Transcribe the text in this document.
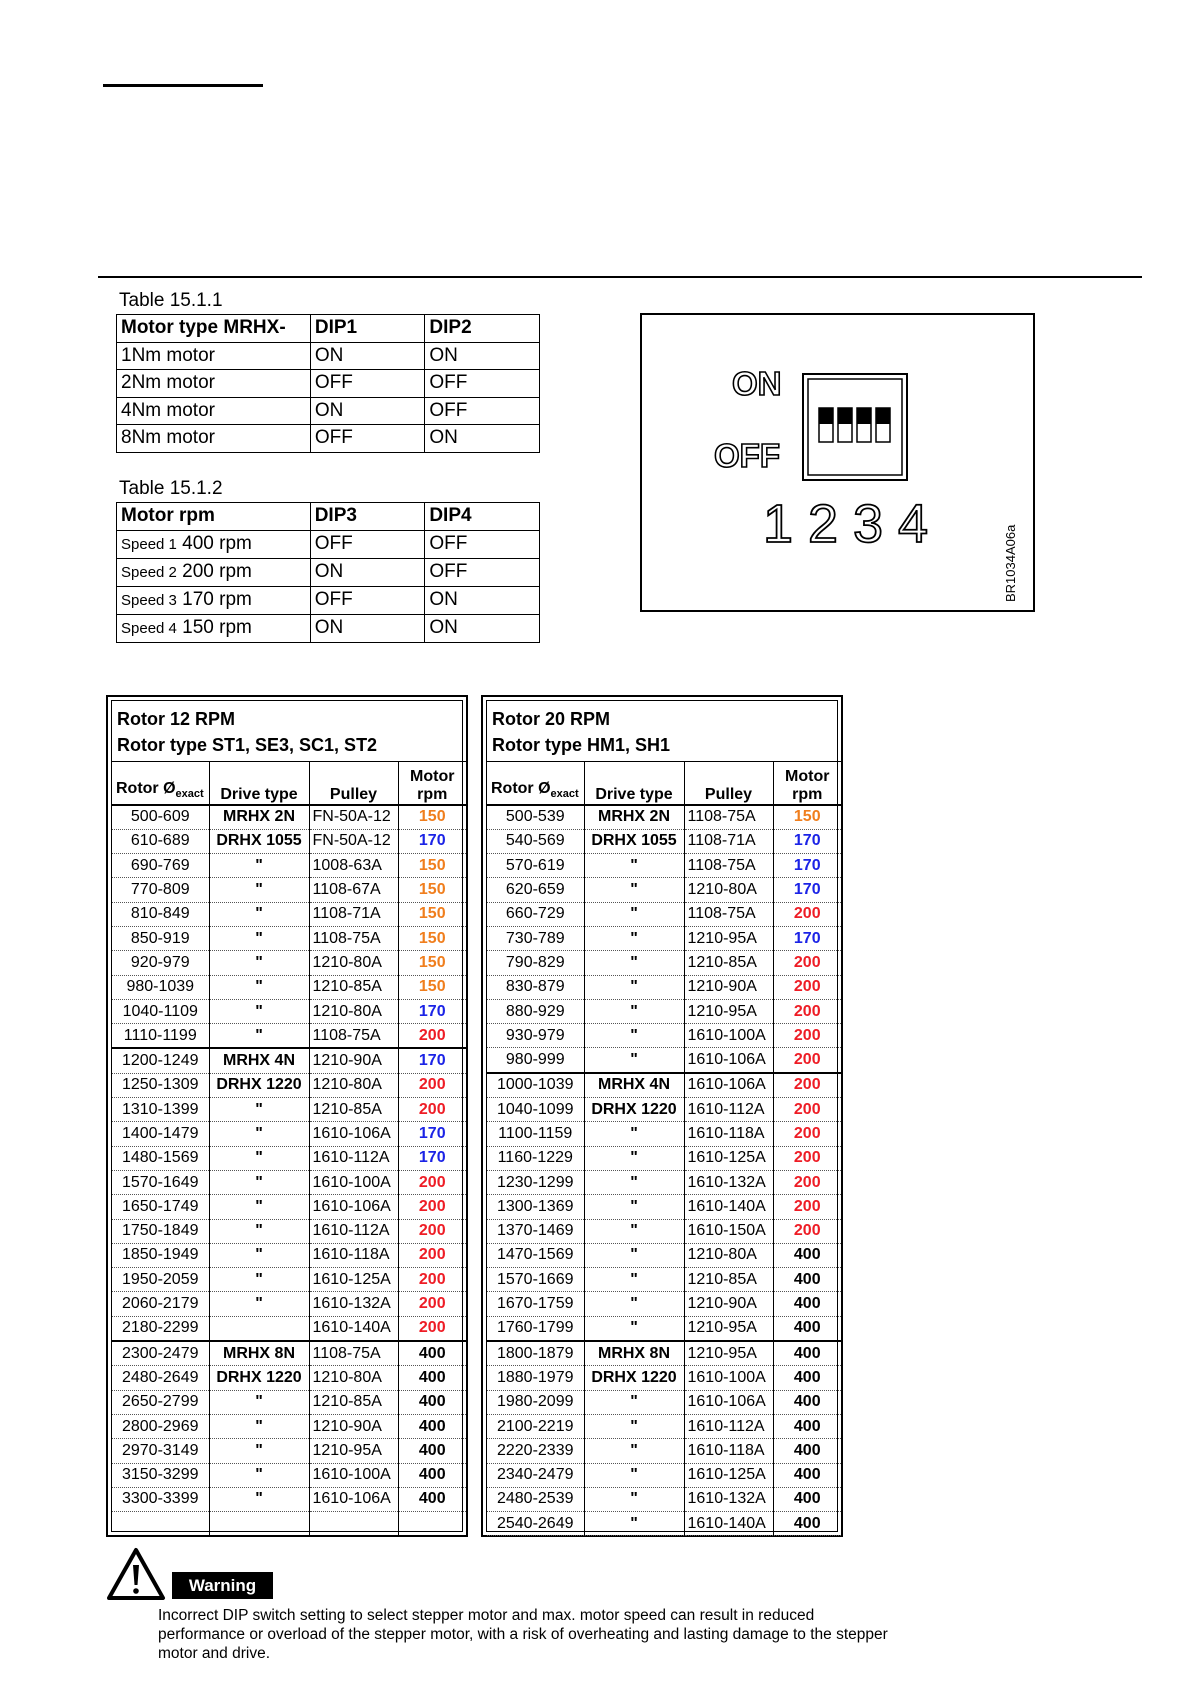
Table 15.1.1
Motor type MRHX-	DIP1	DIP2
1Nm motor	ON	ON
2Nm motor	OFF	OFF
4Nm motor	ON	OFF
8Nm motor	OFF	ON
Table 15.1.2
Motor rpm	DIP3	DIP4
Speed 1 400 rpm	OFF	OFF
Speed 2 200 rpm	ON	OFF
Speed 3 170 rpm	OFF	ON
Speed 4 150 rpm	ON	ON
ON
OFF
1 2 3 4
BR1034A06a
Rotor 12 RPM
Rotor type ST1, SE3, SC1, ST2
Rotor $Ø_{exact}$	Drive type	Pulley	Motor
rpm
500-609	MRHX 2N	FN-50A-12	150
610-689	DRHX 1055	FN-50A-12	170
690-769	"	1008-63A	150
770-809	"	1108-67A	150
810-849	"	1108-71A	150
850-919	"	1108-75A	150
920-979	"	1210-80A	150
980-1039	"	1210-85A	150
1040-1109	"	1210-80A	170
1110-1199	"	1108-75A	200
1200-1249	MRHX 4N	1210-90A	170
1250-1309	DRHX 1220	1210-80A	200
1310-1399	"	1210-85A	200
1400-1479	"	1610-106A	170
1480-1569	"	1610-112A	170
1570-1649	"	1610-100A	200
1650-1749	"	1610-106A	200
1750-1849	"	1610-112A	200
1850-1949	"	1610-118A	200
1950-2059	"	1610-125A	200
2060-2179	"	1610-132A	200
2180-2299		1610-140A	200
2300-2479	MRHX 8N	1108-75A	400
2480-2649	DRHX 1220	1210-80A	400
2650-2799	"	1210-85A	400
2800-2969	"	1210-90A	400
2970-3149	"	1210-95A	400
3150-3299	"	1610-100A	400
3300-3399	"	1610-106A	400

Rotor 20 RPM
Rotor type HM1, SH1
Rotor $Ø_{exact}$	Drive type	Pulley	Motor
rpm
500-539	MRHX 2N	1108-75A	150
540-569	DRHX 1055	1108-71A	170
570-619	"	1108-75A	170
620-659	"	1210-80A	170
660-729	"	1108-75A	200
730-789	"	1210-95A	170
790-829	"	1210-85A	200
830-879	"	1210-90A	200
880-929	"	1210-95A	200
930-979	"	1610-100A	200
980-999	"	1610-106A	200
1000-1039	MRHX 4N	1610-106A	200
1040-1099	DRHX 1220	1610-112A	200
1100-1159	"	1610-118A	200
1160-1229	"	1610-125A	200
1230-1299	"	1610-132A	200
1300-1369	"	1610-140A	200
1370-1469	"	1610-150A	200
1470-1569	"	1210-80A	400
1570-1669	"	1210-85A	400
1670-1759	"	1210-90A	400
1760-1799	"	1210-95A	400
1800-1879	MRHX 8N	1210-95A	400
1880-1979	DRHX 1220	1610-100A	400
1980-2099	"	1610-106A	400
2100-2219	"	1610-112A	400
2220-2339	"	1610-118A	400
2340-2479	"	1610-125A	400
2480-2539	"	1610-132A	400
2540-2649	"	1610-140A	400
Warning
Incorrect DIP switch setting to select stepper motor and max. motor speed can result in reduced performance or overload of the stepper motor, with a risk of overheating and lasting damage to the stepper motor and drive.
